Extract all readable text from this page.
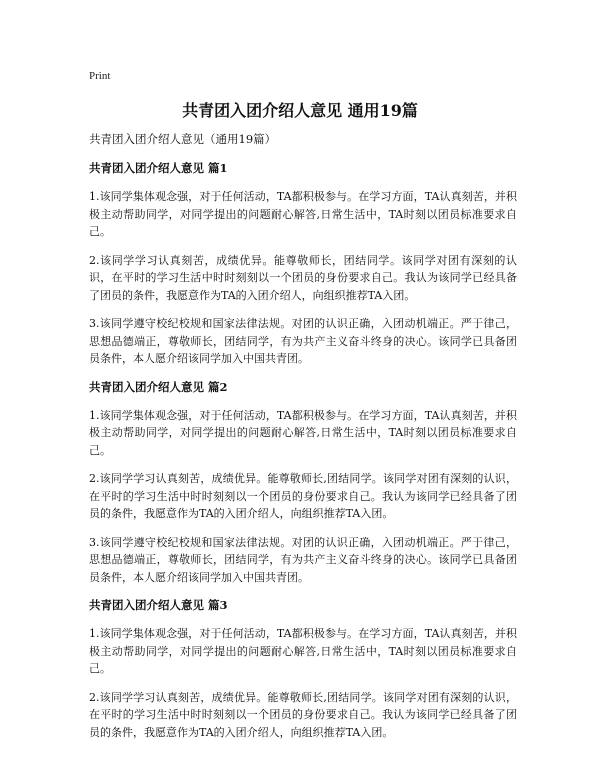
Print
共青团入团介绍人意见 通用19篇

共青团入团介绍人意见（通用19篇）

共青团入团介绍人意见 篇1

1.该同学集体观念强，对于任何活动，TA都积极参与。在学习方面，TA认真刻苦，并积极主动帮助同学，对同学提出的问题耐心解答,日常生活中，TA时刻以团员标准要求自己。

2.该同学学习认真刻苦，成绩优异。能尊敬师长，团结同学。该同学对团有深刻的认识，在平时的学习生活中时时刻刻以一个团员的身份要求自己。我认为该同学已经具备了团员的条件，我愿意作为TA的入团介绍人，向组织推荐TA入团。

3.该同学遵守校纪校规和国家法律法规。对团的认识正确，入团动机端正。严于律己，思想品德端正，尊敬师长，团结同学，有为共产主义奋斗终身的决心。该同学已具备团员条件，本人愿介绍该同学加入中国共青团。

共青团入团介绍人意见 篇2

1.该同学集体观念强，对于任何活动，TA都积极参与。在学习方面，TA认真刻苦，并积极主动帮助同学，对同学提出的问题耐心解答,日常生活中，TA时刻以团员标准要求自己。

2.该同学学习认真刻苦，成绩优异。能尊敬师长,团结同学。该同学对团有深刻的认识，在平时的学习生活中时时刻刻以一个团员的身份要求自己。我认为该同学已经具备了团员的条件，我愿意作为TA的入团介绍人，向组织推荐TA入团。

3.该同学遵守校纪校规和国家法律法规。对团的认识正确，入团动机端正。严于律己，思想品德端正，尊敬师长，团结同学，有为共产主义奋斗终身的决心。该同学已具备团员条件，本人愿介绍该同学加入中国共青团。

共青团入团介绍人意见 篇3

1.该同学集体观念强，对于任何活动，TA都积极参与。在学习方面，TA认真刻苦，并积极主动帮助同学，对同学提出的问题耐心解答,日常生活中，TA时刻以团员标准要求自己。

2.该同学学习认真刻苦，成绩优异。能尊敬师长,团结同学。该同学对团有深刻的认识，在平时的学习生活中时时刻刻以一个团员的身份要求自己。我认为该同学已经具备了团员的条件，我愿意作为TA的入团介绍人，向组织推荐TA入团。
